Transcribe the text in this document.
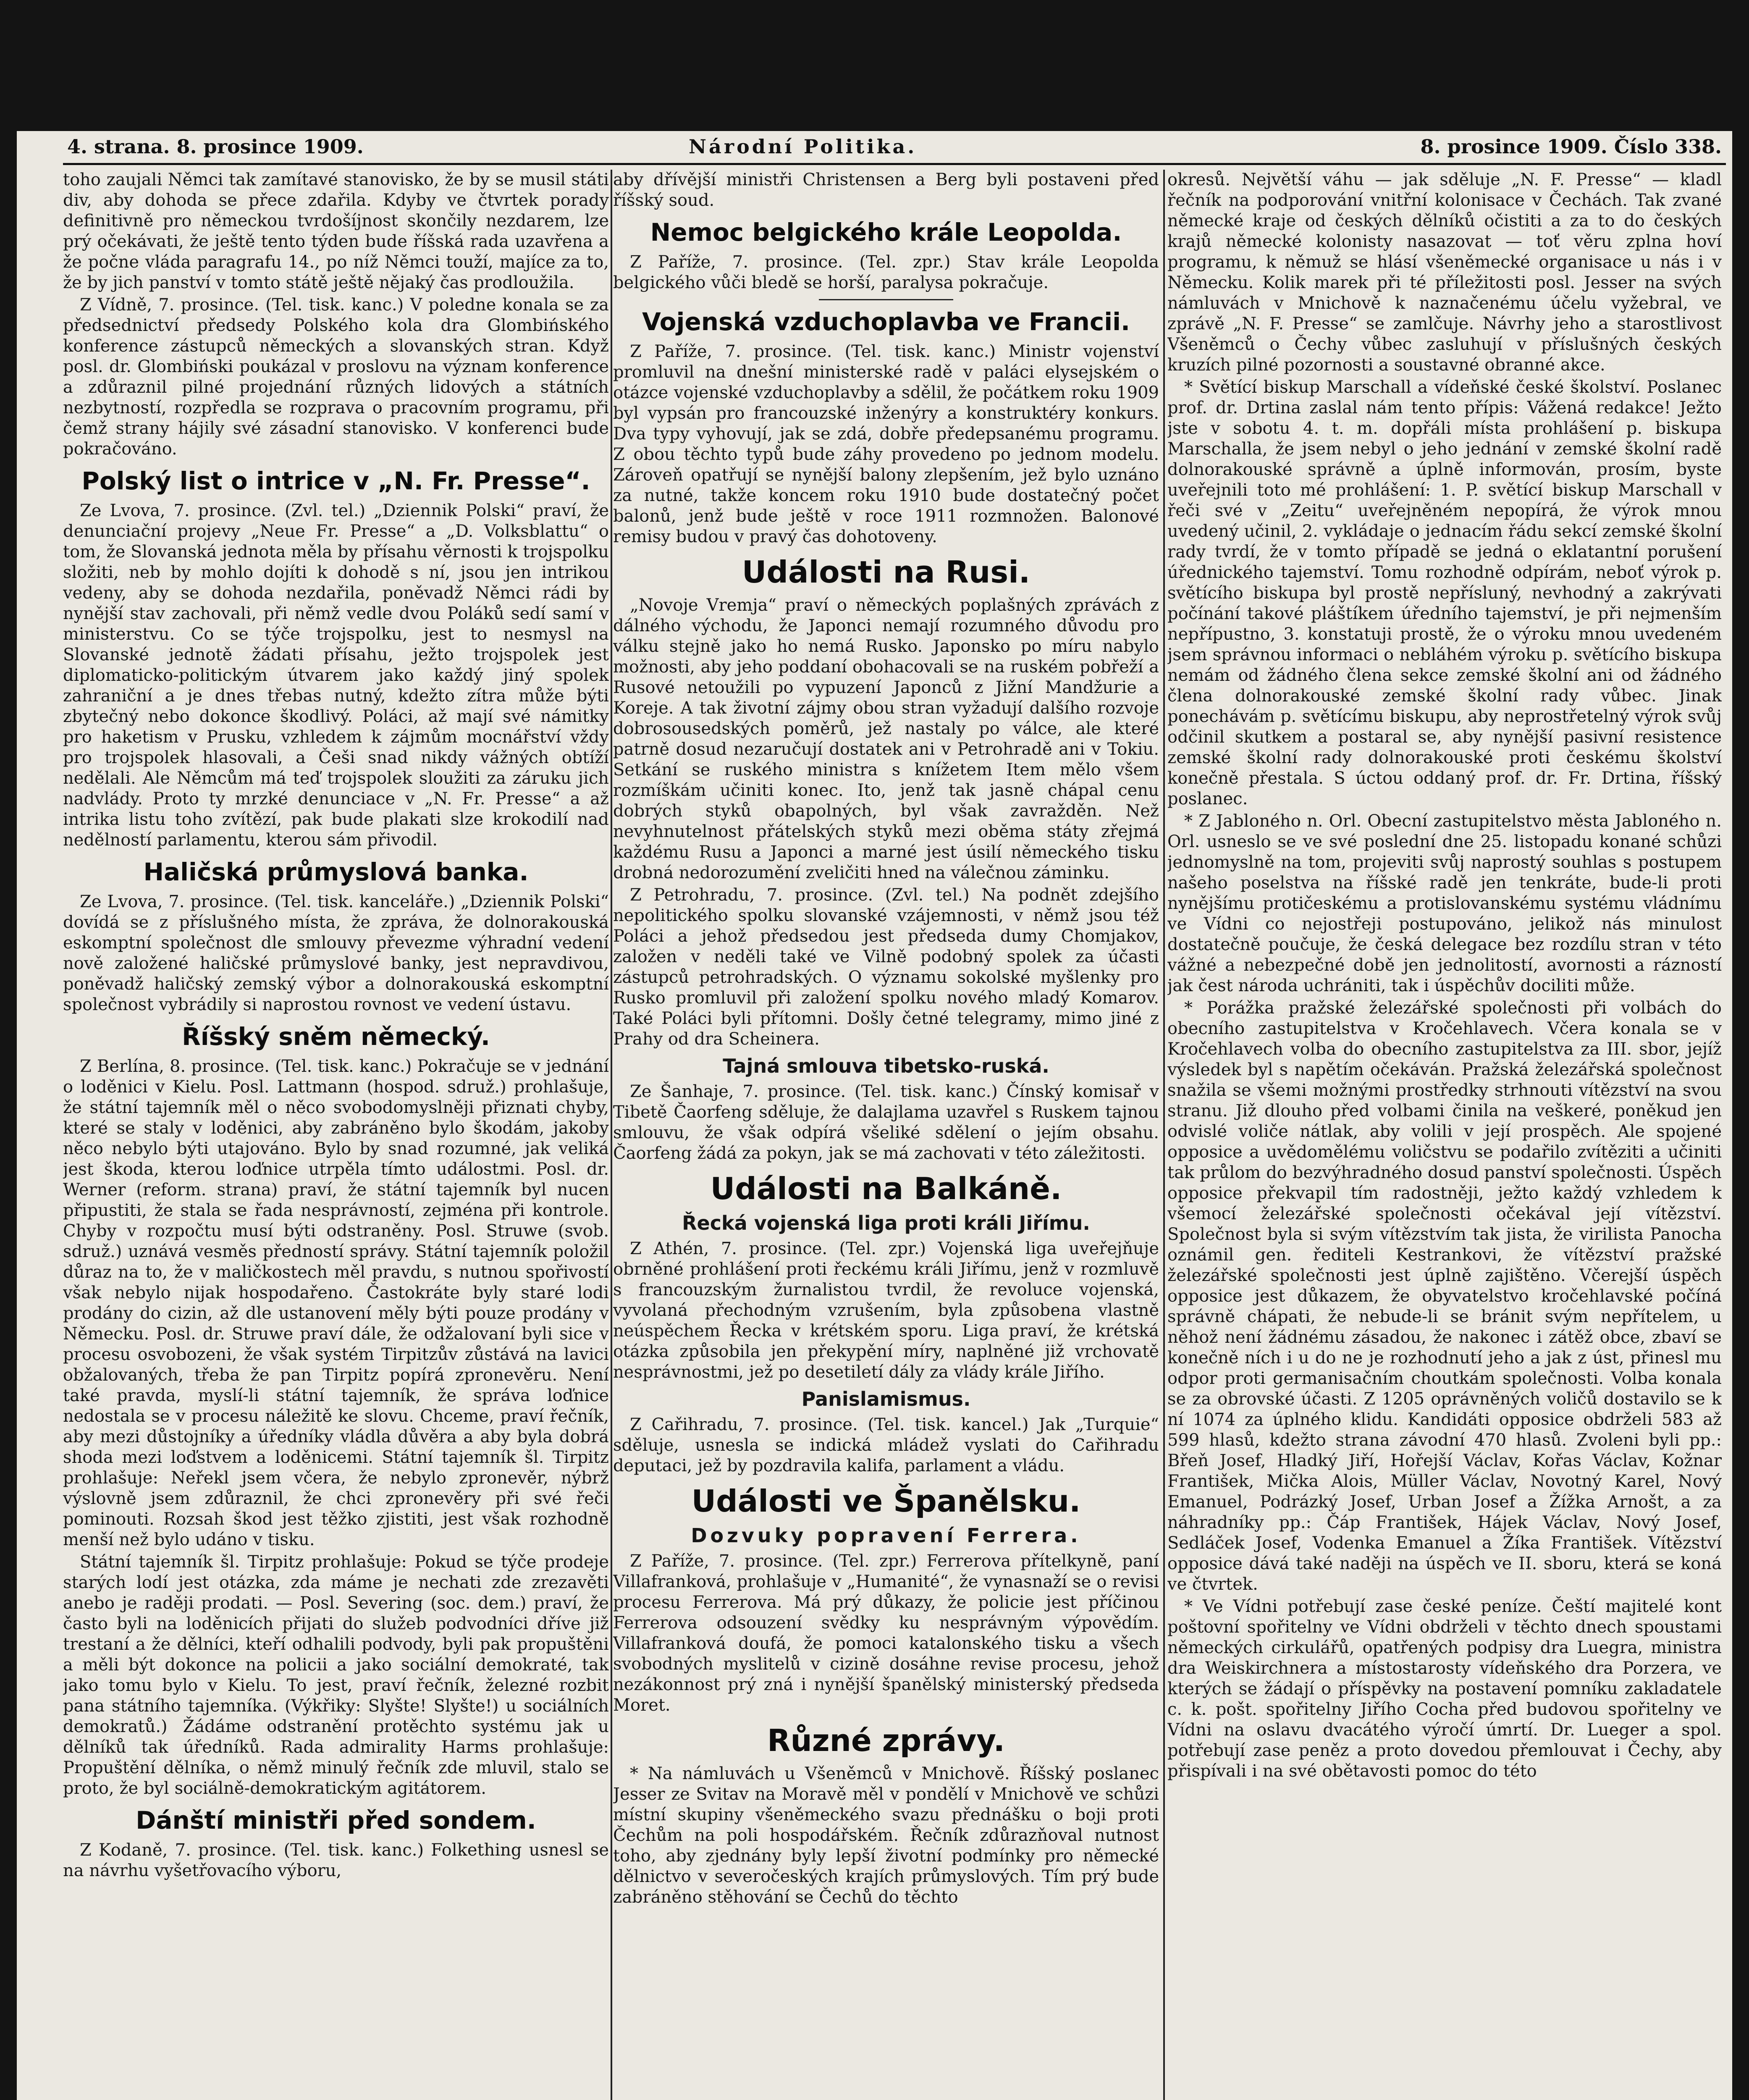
4. strana. 8. prosince 1909.	Národní Politika.	8. prosince 1909. Číslo 338.

toho zaujali Němci tak zamítavé stanovisko, že by se musil státi div, aby dohoda se přece zdařila. Kdyby ve čtvrtek porady definitivně pro německou tvrdošíjnost skončily nezdarem, lze prý očekávati, že ještě tento týden bude říšská rada uzavřena a že počne vláda paragrafu 14., po níž Němci touží, majíce za to, že by jich panství v tomto státě ještě nějaký čas prodloužila.

Z Vídně, 7. prosince. (Tel. tisk. kanc.) V poledne konala se za předsednictví předsedy Polského kola dra Glombińského konference zástupců německých a slovanských stran. Když posl. dr. Glombiński poukázal v proslovu na význam konference a zdůraznil pilné projednání různých lidových a státních nezbytností, rozpředla se rozprava o pracovním programu, při čemž strany hájily své zásadní stanovisko. V konferenci bude pokračováno.

Polský list o intrice v „N. Fr. Presse“.

Ze Lvova, 7. prosince. (Zvl. tel.) „Dziennik Polski“ praví, že denunciační projevy „Neue Fr. Presse“ a „D. Volksblattu“ o tom, že Slovanská jednota měla by přísahu věrnosti k trojspolku složiti, neb by mohlo dojíti k dohodě s ní, jsou jen intrikou vedeny, aby se dohoda nezdařila, poněvadž Němci rádi by nynější stav zachovali, při němž vedle dvou Poláků sedí samí v ministerstvu. Co se týče trojspolku, jest to nesmysl na Slovanské jednotě žádati přísahu, ježto trojspolek jest diplomaticko-politickým útvarem jako každý jiný spolek zahraniční a je dnes třebas nutný, kdežto zítra může býti zbytečný nebo dokonce škodlivý. Poláci, až mají své námitky pro haketism v Prusku, vzhledem k zájmům mocnářství vždy pro trojspolek hlasovali, a Češi snad nikdy vážných obtíží nedělali. Ale Němcům má teď trojspolek sloužiti za záruku jich nadvlády. Proto ty mrzké denunciace v „N. Fr. Presse“ a až intrika listu toho zvítězí, pak bude plakati slze krokodilí nad nedělností parlamentu, kterou sám přivodil.

Haličská průmyslová banka.

Ze Lvova, 7. prosince. (Tel. tisk. kanceláře.) „Dziennik Polski“ dovídá se z příslušného místa, že zpráva, že dolnorakouská eskomptní společnost dle smlouvy převezme výhradní vedení nově založené haličské průmyslové banky, jest nepravdivou, poněvadž haličský zemský výbor a dolnorakouská eskomptní společnost vybrádily si naprostou rovnost ve vedení ústavu.

Říšský sněm německý.

Z Berlína, 8. prosince. (Tel. tisk. kanc.) Pokračuje se v jednání o loděnici v Kielu. Posl. Lattmann (hospod. sdruž.) prohlašuje, že státní tajemník měl o něco svobodomyslněji přiznati chyby, které se staly v loděnici, aby zabráněno bylo škodám, jakoby něco nebylo býti utajováno. Bylo by snad rozumné, jak veliká jest škoda, kterou loďnice utrpěla tímto událostmi. Posl. dr. Werner (reform. strana) praví, že státní tajemník byl nucen připustiti, že stala se řada nesprávností, zejména při kontrole. Chyby v rozpočtu musí býti odstraněny. Posl. Struwe (svob. sdruž.) uznává vesměs předností správy. Státní tajemník položil důraz na to, že v maličkostech měl pravdu, s nutnou spořivostí však nebylo nijak hospodařeno. Častokráte byly staré lodi prodány do cizin, až dle ustanovení měly býti pouze prodány v Německu. Posl. dr. Struwe praví dále, že odžalovaní byli sice v procesu osvobozeni, že však systém Tirpitzův zůstává na lavici obžalovaných, třeba že pan Tirpitz popírá zpronevěru. Není také pravda, myslí-li státní tajemník, že správa loďnice nedostala se v procesu náležitě ke slovu. Chceme, praví řečník, aby mezi důstojníky a úředníky vládla důvěra a aby byla dobrá shoda mezi loďstvem a loděnicemi. Státní tajemník šl. Tirpitz prohlašuje: Neřekl jsem včera, že nebylo zpronevěr, nýbrž výslovně jsem zdůraznil, že chci zpronevěry při své řeči pominouti. Rozsah škod jest těžko zjistiti, jest však rozhodně menší než bylo udáno v tisku.

Státní tajemník šl. Tirpitz prohlašuje: Pokud se týče prodeje starých lodí jest otázka, zda máme je nechati zde zrezavěti anebo je raději prodati. — Posl. Severing (soc. dem.) praví, že často byli na loděnicích přijati do služeb podvodníci dříve již trestaní a že dělníci, kteří odhalili podvody, byli pak propuštěni a měli být dokonce na policii a jako sociální demokraté, tak jako tomu bylo v Kielu. To jest, praví řečník, železné rozbit pana státního tajemníka. (Výkřiky: Slyšte! Slyšte!) u sociálních demokratů.) Žádáme odstranění protěchto systému jak u dělníků tak úředníků. Rada admirality Harms prohlašuje: Propuštění dělníka, o němž minulý řečník zde mluvil, stalo se proto, že byl sociálně-demokratickým agitátorem.

Dánští ministři před sondem.

Z Kodaně, 7. prosince. (Tel. tisk. kanc.) Folkething usnesl se na návrhu vyšetřovacího výboru,

aby dřívější ministři Christensen a Berg byli postaveni před říšský soud.

Nemoc belgického krále Leopolda.

Z Paříže, 7. prosince. (Tel. zpr.) Stav krále Leopolda belgického vůči bledě se horší, paralysa pokračuje.

Vojenská vzduchoplavba ve Francii.

Z Paříže, 7. prosince. (Tel. tisk. kanc.) Ministr vojenství promluvil na dnešní ministerské radě v paláci elysejském o otázce vojenské vzduchoplavby a sdělil, že počátkem roku 1909 byl vypsán pro francouzské inženýry a konstruktéry konkurs. Dva typy vyhovují, jak se zdá, dobře předepsanému programu. Z obou těchto typů bude záhy provedeno po jednom modelu. Zároveň opatřují se nynější balony zlepšením, jež bylo uznáno za nutné, takže koncem roku 1910 bude dostatečný počet balonů, jenž bude ještě v roce 1911 rozmnožen. Balonové remisy budou v pravý čas dohotoveny.

Události na Rusi.

„Novoje Vremja“ praví o německých poplašných zprávách z dálného východu, že Japonci nemají rozumného důvodu pro válku stejně jako ho nemá Rusko. Japonsko po míru nabylo možnosti, aby jeho poddaní obohacovali se na ruském pobřeží a Rusové netoužili po vypuzení Japonců z Jižní Mandžurie a Koreje. A tak životní zájmy obou stran vyžadují dalšího rozvoje dobrosousedských poměrů, jež nastaly po válce, ale které patrně dosud nezaručují dostatek ani v Petrohradě ani v Tokiu. Setkání se ruského ministra s knížetem Item mělo všem rozmíškám učiniti konec. Ito, jenž tak jasně chápal cenu dobrých styků obapolných, byl však zavražděn. Než nevyhnutelnost přátelských styků mezi oběma státy zřejmá každému Rusu a Japonci a marné jest úsilí německého tisku drobná nedorozumění zveličiti hned na válečnou záminku.

Z Petrohradu, 7. prosince. (Zvl. tel.) Na podnět zdejšího nepolitického spolku slovanské vzájemnosti, v němž jsou též Poláci a jehož předsedou jest předseda dumy Chomjakov, založen v neděli také ve Vilně podobný spolek za účasti zástupců petrohradských. O významu sokolské myšlenky pro Rusko promluvil při založení spolku nového mladý Komarov. Také Poláci byli přítomni. Došly četné telegramy, mimo jiné z Prahy od dra Scheinera.

Tajná smlouva tibetsko-ruská.

Ze Šanhaje, 7. prosince. (Tel. tisk. kanc.) Čínský komisař v Tibetě Čaorfeng sděluje, že dalajlama uzavřel s Ruskem tajnou smlouvu, že však odpírá všeliké sdělení o jejím obsahu. Čaorfeng žádá za pokyn, jak se má zachovati v této záležitosti.

Události na Balkáně.
Řecká vojenská liga proti králi Jiřímu.

Z Athén, 7. prosince. (Tel. zpr.) Vojenská liga uveřejňuje obrněné prohlášení proti řeckému králi Jiřímu, jenž v rozmluvě s francouzským žurnalistou tvrdil, že revoluce vojenská, vyvolaná přechodným vzrušením, byla způsobena vlastně neúspěchem Řecka v krétském sporu. Liga praví, že krétská otázka způsobila jen překypění míry, naplněné již vrchovatě nesprávnostmi, jež po desetiletí dály za vlády krále Jiřího.

Panislamismus.

Z Cařihradu, 7. prosince. (Tel. tisk. kancel.) Jak „Turquie“ sděluje, usnesla se indická mládež vyslati do Cařihradu deputaci, jež by pozdravila kalifa, parlament a vládu.

Události ve Španělsku.
Dozvuky popravení Ferrera.

Z Paříže, 7. prosince. (Tel. zpr.) Ferrerova přítelkyně, paní Villafranková, prohlašuje v „Humanité“, že vynasnaží se o revisi procesu Ferrerova. Má prý důkazy, že policie jest příčinou Ferrerova odsouzení svědky ku nesprávným výpovědím. Villafranková doufá, že pomoci katalonského tisku a všech svobodných myslitelů v cizině dosáhne revise procesu, jehož nezákonnost prý zná i nynější španělský ministerský předseda Moret.

Různé zprávy.

* Na námluvách u Všeněmců v Mnichově. Říšský poslanec Jesser ze Svitav na Moravě měl v pondělí v Mnichově ve schůzi místní skupiny všeněmeckého svazu přednášku o boji proti Čechům na poli hospodářském. Řečník zdůrazňoval nutnost toho, aby zjednány byly lepší životní podmínky pro německé dělnictvo v severočeských krajích průmyslových. Tím prý bude zabráněno stěhování se Čechů do těchto

okresů. Největší váhu — jak sděluje „N. F. Presse“ — kladl řečník na podporování vnitřní kolonisace v Čechách. Tak zvané německé kraje od českých dělníků očistiti a za to do českých krajů německé kolonisty nasazovat — toť věru zplna hoví programu, k němuž se hlásí všeněmecké organisace u nás i v Německu. Kolik marek při té příležitosti posl. Jesser na svých námluvách v Mnichově k naznačenému účelu vyžebral, ve zprávě „N. F. Presse“ se zamlčuje. Návrhy jeho a starostlivost Všeněmců o Čechy vůbec zasluhují v příslušných českých kruzích pilné pozornosti a soustavné obranné akce.

* Světící biskup Marschall a vídeňské české školství. Poslanec prof. dr. Drtina zaslal nám tento přípis: Vážená redakce! Ježto jste v sobotu 4. t. m. dopřáli místa prohlášení p. biskupa Marschalla, že jsem nebyl o jeho jednání v zemské školní radě dolnorakouské správně a úplně informován, prosím, byste uveřejnili toto mé prohlášení: 1. P. světící biskup Marschall v řeči své v „Zeitu“ uveřejněném nepopírá, že výrok mnou uvedený učinil, 2. vykládaje o jednacím řádu sekcí zemské školní rady tvrdí, že v tomto případě se jedná o eklatantní porušení úřednického tajemství. Tomu rozhodně odpírám, neboť výrok p. světícího biskupa byl prostě nepřísluný, nevhodný a zakrývati počínání takové pláštíkem úředního tajemství, je při nejmenším nepřípustno, 3. konstatuji prostě, že o výroku mnou uvedeném jsem správnou informaci o nebláhém výroku p. světícího biskupa nemám od žádného člena sekce zemské školní ani od žádného člena dolnorakouské zemské školní rady vůbec. Jinak ponechávám p. světícímu biskupu, aby neprostřetelný výrok svůj odčinil skutkem a postaral se, aby nynější pasivní resistence zemské školní rady dolnorakouské proti českému školství konečně přestala. S úctou oddaný prof. dr. Fr. Drtina, říšský poslanec.

* Z Jabloného n. Orl. Obecní zastupitelstvo města Jabloného n. Orl. usneslo se ve své poslední dne 25. listopadu konané schůzi jednomyslně na tom, projeviti svůj naprostý souhlas s postupem našeho poselstva na říšské radě jen tenkráte, bude-li proti nynějšímu protičeskému a protislovanskému systému vládnímu ve Vídni co nejostřeji postupováno, jelikož nás minulost dostatečně poučuje, že česká delegace bez rozdílu stran v této vážné a nebezpečné době jen jednolitostí, avornosti a rázností jak čest národa uchrániti, tak i úspěchův dociliti může.

* Porážka pražské železářské společnosti při volbách do obecního zastupitelstva v Kročehlavech. Včera konala se v Kročehlavech volba do obecního zastupitelstva za III. sbor, jejíž výsledek byl s napětím očekáván. Pražská železářská společnost snažila se všemi možnými prostředky strhnouti vítězství na svou stranu. Již dlouho před volbami činila na veškeré, poněkud jen odvislé voliče nátlak, aby volili v její prospěch. Ale spojené opposice a uvědomělému voličstvu se podařilo zvítěziti a učiniti tak průlom do bezvýhradného dosud panství společnosti. Úspěch opposice překvapil tím radostněji, ježto každý vzhledem k všemocí železářské společnosti očekával její vítězství. Společnost byla si svým vítězstvím tak jista, že virilista Panocha oznámil gen. řediteli Kestrankovi, že vítězství pražské železářské společnosti jest úplně zajištěno. Včerejší úspěch opposice jest důkazem, že obyvatelstvo kročehlavské počíná správně chápati, že nebude-li se bránit svým nepřítelem, u něhož není žádnému zásadou, že nakonec i zátěž obce, zbaví se konečně ních i u do ne je rozhodnutí jeho a jak z úst, přinesl mu odpor proti germanisačním choutkám společnosti. Volba konala se za obrovské účasti. Z 1205 oprávněných voličů dostavilo se k ní 1074 za úplného klidu. Kandidáti opposice obdrželi 583 až 599 hlasů, kdežto strana závodní 470 hlasů. Zvoleni byli pp.: Břeň Josef, Hladký Jiří, Hořejší Václav, Kořas Václav, Kožnar František, Mička Alois, Müller Václav, Novotný Karel, Nový Emanuel, Podrázký Josef, Urban Josef a Žížka Arnošt, a za náhradníky pp.: Čáp František, Hájek Václav, Nový Josef, Sedláček Josef, Vodenka Emanuel a Žíka František. Vítězství opposice dává také naději na úspěch ve II. sboru, která se koná ve čtvrtek.

* Ve Vídni potřebují zase české peníze. Čeští majitelé kont poštovní spořitelny ve Vídni obdrželi v těchto dnech spoustami německých cirkulářů, opatřených podpisy dra Luegra, ministra dra Weiskirchnera a místostarosty vídeňského dra Porzera, ve kterých se žádají o příspěvky na postavení pomníku zakladatele c. k. pošt. spořitelny Jiřího Cocha před budovou spořitelny ve Vídni na oslavu dvacátého výročí úmrtí. Dr. Lueger a spol. potřebují zase peněz a proto dovedou přemlouvat i Čechy, aby přispívali i na své obětavosti pomoc do této
